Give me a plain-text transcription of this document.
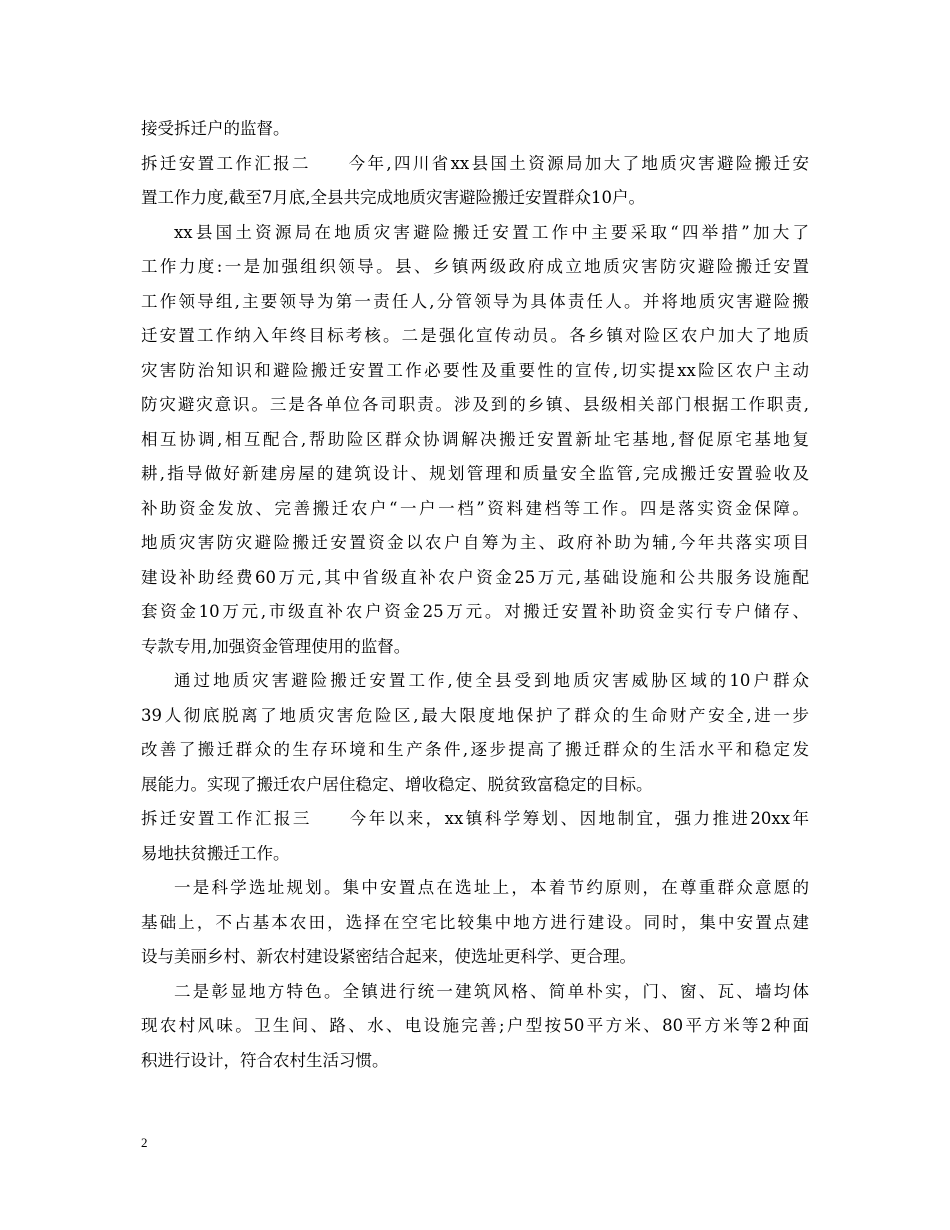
接受拆迁户的监督。
拆迁安置工作汇报二　　今年,四川省xx县国土资源局加大了地质灾害避险搬迁安
置工作力度,截至7月底,全县共完成地质灾害避险搬迁安置群众10户。
xx县国土资源局在地质灾害避险搬迁安置工作中主要采取“四举措”加大了
工作力度:一是加强组织领导。县、乡镇两级政府成立地质灾害防灾避险搬迁安置
工作领导组,主要领导为第一责任人,分管领导为具体责任人。并将地质灾害避险搬
迁安置工作纳入年终目标考核。二是强化宣传动员。各乡镇对险区农户加大了地质
灾害防治知识和避险搬迁安置工作必要性及重要性的宣传,切实提xx险区农户主动
防灾避灾意识。三是各单位各司职责。涉及到的乡镇、县级相关部门根据工作职责,
相互协调,相互配合,帮助险区群众协调解决搬迁安置新址宅基地,督促原宅基地复
耕,指导做好新建房屋的建筑设计、规划管理和质量安全监管,完成搬迁安置验收及
补助资金发放、完善搬迁农户“一户一档”资料建档等工作。四是落实资金保障。
地质灾害防灾避险搬迁安置资金以农户自筹为主、政府补助为辅,今年共落实项目
建设补助经费60万元,其中省级直补农户资金25万元,基础设施和公共服务设施配
套资金10万元,市级直补农户资金25万元。对搬迁安置补助资金实行专户储存、
专款专用,加强资金管理使用的监督。
通过地质灾害避险搬迁安置工作,使全县受到地质灾害威胁区域的10户群众
39人彻底脱离了地质灾害危险区,最大限度地保护了群众的生命财产安全,进一步
改善了搬迁群众的生存环境和生产条件,逐步提高了搬迁群众的生活水平和稳定发
展能力。实现了搬迁农户居住稳定、增收稳定、脱贫致富稳定的目标。
拆迁安置工作汇报三　　今年以来，xx镇科学筹划、因地制宜，强力推进20xx年
易地扶贫搬迁工作。
一是科学选址规划。集中安置点在选址上，本着节约原则，在尊重群众意愿的
基础上，不占基本农田，选择在空宅比较集中地方进行建设。同时，集中安置点建
设与美丽乡村、新农村建设紧密结合起来，使选址更科学、更合理。
二是彰显地方特色。全镇进行统一建筑风格、简单朴实，门、窗、瓦、墙均体
现农村风味。卫生间、路、水、电设施完善;户型按50平方米、80平方米等2种面
积进行设计，符合农村生活习惯。
2
